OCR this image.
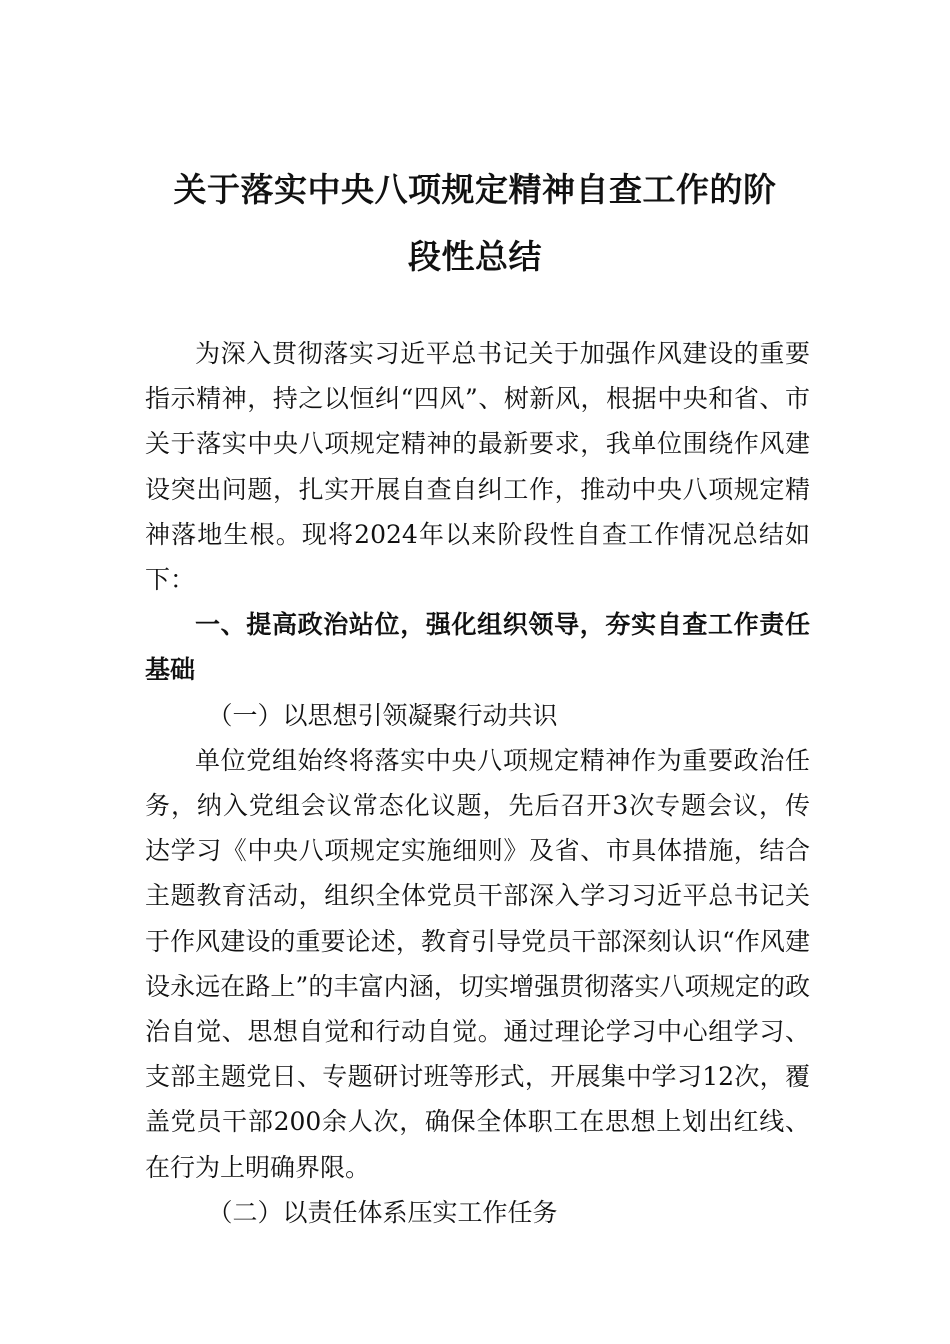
关于落实中央八项规定精神自查工作的阶
段性总结

为深入贯彻落实习近平总书记关于加强作风建设的重要指示精神，持之以恒纠“四风”、树新风，根据中央和省、市关于落实中央八项规定精神的最新要求，我单位围绕作风建设突出问题，扎实开展自查自纠工作，推动中央八项规定精神落地生根。现将2024年以来阶段性自查工作情况总结如下：

一、提高政治站位，强化组织领导，夯实自查工作责任基础

（一）以思想引领凝聚行动共识

单位党组始终将落实中央八项规定精神作为重要政治任务，纳入党组会议常态化议题，先后召开3次专题会议，传达学习《中央八项规定实施细则》及省、市具体措施，结合主题教育活动，组织全体党员干部深入学习习近平总书记关于作风建设的重要论述，教育引导党员干部深刻认识“作风建设永远在路上”的丰富内涵，切实增强贯彻落实八项规定的政治自觉、思想自觉和行动自觉。通过理论学习中心组学习、支部主题党日、专题研讨班等形式，开展集中学习12次，覆盖党员干部200余人次，确保全体职工在思想上划出红线、在行为上明确界限。

（二）以责任体系压实工作任务
